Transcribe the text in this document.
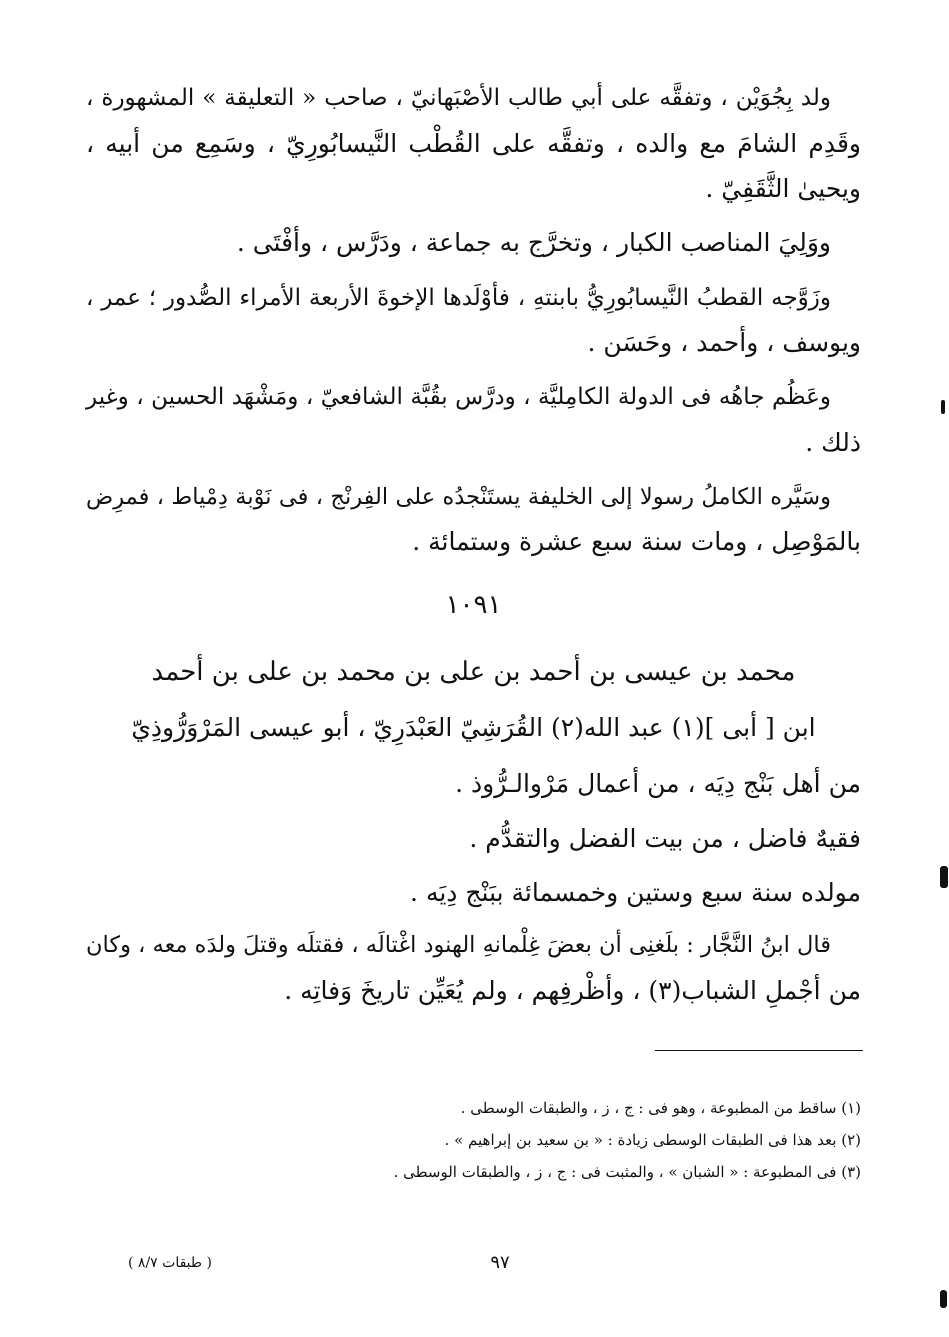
ولد بِجُوَيْن ، وتفقَّه على أبي طالب الأصْبَهانيّ ، صاحب « التعليقة » المشهورة ،
وقَدِم الشامَ مع والده ، وتفقَّه على القُطْب النَّيسابُورِيّ ، وسَمِع من أبيه ،
ويحيىٰ الثَّقَفِيّ .
ووَلِيَ المناصب الكبار ، وتخرَّج به جماعة ، ودَرَّس ، وأفْتَى .
وزَوَّجه القطبُ النَّيسابُورِيُّ بابنتهِ ، فأوْلَدها الإخوةَ الأربعة الأمراء الصُّدور ؛ عمر ،
ويوسف ، وأحمد ، وحَسَن .
وعَظُم جاهُه فى الدولة الكامِليَّة ، ودرَّس بقُبَّة الشافعيّ ، ومَشْهَد الحسين ، وغير
ذلك .
وسَيَّره الكاملُ رسولا إلى الخليفة يستَنْجدُه على الفِرنْج ، فى نَوْبة دِمْياط ، فمرِض
بالمَوْصِل ، ومات سنة سبع عشرة وستمائة .
١٠٩١
محمد بن عيسى بن أحمد بن على بن محمد بن على بن أحمد
ابن [ أبى ](١) عبد الله(٢) القُرَشِيّ العَبْدَرِيّ ، أبو عيسى المَرْوَرُّوذِيّ
من أهل بَنْج دِيَه ، من أعمال مَرْوالـرُّوذ .
فقيهٌ فاضل ، من بيت الفضل والتقدُّم .
مولده سنة سبع وستين وخمسمائة ببَنْج دِيَه .
قال ابنُ النَّجَّار : بلَغنِى أن بعضَ غِلْمانهِ الهنود اغْتالَه ، فقتلَه وقتلَ ولدَه معه ، وكان
من أجْملِ الشباب(٣) ، وأظْرفِهم ، ولم يُعَيِّن تاريخَ وَفاتِه .
(١) ساقط من المطبوعة ، وهو فى : ج ، ز ، والطبقات الوسطى .
(٢) بعد هذا فى الطبقات الوسطى زيادة : « بن سعيد بن إبراهيم » .
(٣) فى المطبوعة : « الشبان » ، والمثبت فى : ج ، ز ، والطبقات الوسطى .
٩٧
( طبقات ٨/٧ )
